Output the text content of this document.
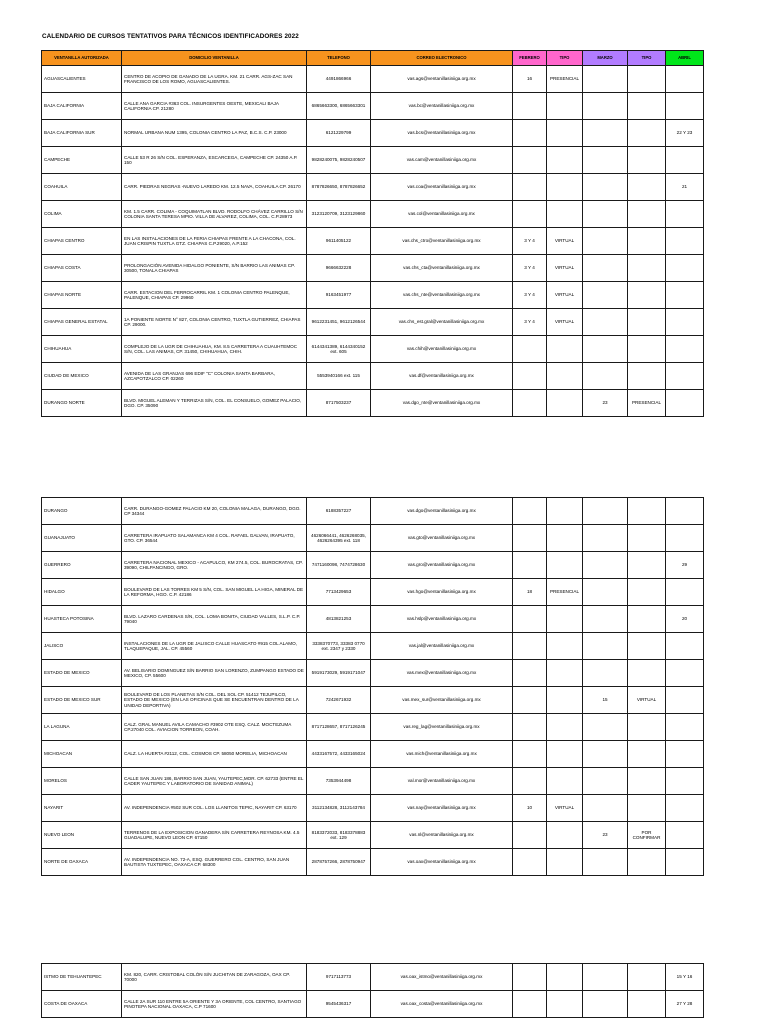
CALENDARIO DE CURSOS TENTATIVOS PARA TÉCNICOS IDENTIFICADORES 2022
VENTANILLA AUTORIZADA	DOMICILIO VENTANILLA	TELEFONO	CORREO ELECTRONICO	FEBRERO	TIPO	MARZO	TIPO	ABRIL
AGUASCALIENTES	CENTRO DE ACOPIO DE GANADO DE LA UGRA. KM. 21 CARR. AGS-ZAC SAN FRANCISCO DE LOS ROMO, AGUASCALIENTES.	4491866966	vas.ags@ventanillasiniiga.org.mx	16	PRESENCIAL			
BAJA CALIFORNIA	CALLE ANA GARCIA #363 COL. INSURGENTES OESTE, MEXICALI BAJA CALIFORNIA CP. 21280	6865663300, 6865663301	vas.bc@ventanillasiniiga.org.mx					
BAJA CALIFORNIA SUR	NORMAL URBANA NUM 1395, COLONIA CENTRO LA PAZ, B.C.S. C.P. 23000	6121229799	vas.bcs@ventanillasiniiga.org.mx					22 Y 23
CAMPECHE	CALLE 53 R 26 S/N COL. ESPERANZA, ESCARCEGA, CAMPECHE CP. 24350 A.P. 150	9828240075, 9828240507	vas.cam@ventanillasiniiga.org.mx					
COAHUILA	CARR. PIEDRAS NEGRAS -NUEVO LAREDO KM. 12.5 NAVA, COAHUILA CP. 26170	8787826650, 8787826652	vas.coa@ventanillasiniiga.org.mx					21
COLIMA	KM. 1.5 CARR. COLIMA - COQUIMATLAN BLVD. RODOLFO CHÁVEZ CARRILLO S/N COLONIA SANTA TERESA MPIO. VILLA DE ALVAREZ, COLIMA, COL. C.P.28973	3123120709, 3123129860	vas.col@ventanillasiniiga.org.mx					
CHIAPAS CENTRO	EN LAS INSTALACIONES DE LA FERIA CHIAPAS FRENTE A LA CHACONA, COL. JUAN CRISPIN TUXTLA GTZ. CHIAPAS C.P.29020, A.P.152	9611405122	vas.chs_ctro@ventanillasiniiga.org.mx	3 Y 4	VIRTUAL			
CHIAPAS COSTA	PROLONGACIÓN AVENIDA HIDALGO PONIENTE, S/N BARRIO LAS ANIMAS CP. 30500, TONALA CHIAPAS	9666632228	vas.chs_cta@ventanillasiniiga.org.mx	3 Y 4	VIRTUAL			
CHIAPAS NORTE	CARR. ESTACION DEL FERROCARRIL KM. 1 COLONIA CENTRO PALENQUE, PALENQUE, CHIAPAS CP. 29960	9163451977	vas.chs_nte@ventanillasiniiga.org.mx	3 Y 4	VIRTUAL			
CHIAPAS GENERAL ESTATAL	1A PONIENTE NORTE N° 827, COLONIA CENTRO, TUXTLA GUTIERREZ, CHIAPAS CP. 29000.	9612231451, 9612126544	vas.chs_est.gral@ventanillasiniiga.org.mx	3 Y 4	VIRTUAL			
CHIHUAHUA	COMPLEJO DE LA UGR DE CHIHUAHUA, KM. 8.5 CARRETERA A CUAUHTEMOC S/N, COL. LAS ANIMAS, CP. 31450, CHIHUAHUA, CHIH.	6144341389, 6144340152 ext. 605	vas.chih@ventanillasiniiga.org.mx					
CIUDAD DE MEXICO	AVENIDA DE LAS GRANJAS 696 EDIF "C" COLONIA SANTA BARBARA, AZCAPOTZALCO CP. 02260	5553940166 ext. 115	vas.df@ventanillasiniiga.org.mx					
DURANGO NORTE	BLVD. MIGUEL ALEMAN Y TERRIZAS S/N, COL. EL CONSUELO, GOMEZ PALACIO, DGO. CP. 35090	8717503237	vas.dgo_nte@ventanillasiniiga.org.mx			23	PRESENCIAL	
DURANGO	CARR. DURANGO-GOMEZ PALACIO KM 20, COLONIA MALAGA, DURANGO, DGO. CP 34344	6188357227	vas.dgo@ventanillasiniiga.org.mx					
GUANAJUATO	CARRETERA IRAPUATO SALAMANCA KM 4 COL. RAFAEL GALVAN, IRAPUATO, GTO. CP. 36544	4626066441, 4626268035, 4626264395 ext. 118	vas.gto@ventanillasiniiga.org.mx					
GUERRERO	CARRETERA NACIONAL MEXICO - ACAPULCO, KM 274.5, COL. BUROCRATAS, CP. 39090, CHILPANCINGO, GRO.	7471160098, 7474728630	vas.gro@ventanillasiniiga.org.mx					29
HIDALGO	BOULEVARD DE LAS TORRES KM 5 S/N, COL. SAN MIGUEL LA HIGA, MINERAL DE LA REFORMA, HGO. C.P. 42186	7713429653	vas.hgo@ventanillasiniiga.org.mx	18	PRESENCIAL			
HUASTECA POTOSINA	BLVD. LAZARO CARDENAS S/N, COL. LOMA BONITA, CIUDAD VALLES, S.L.P. C.P. 79040	4813821253	vas.hslp@ventanillasiniiga.org.mx					20
JALISCO	INSTALACIONES DE LA UGR DE JALISCO CALLE HUASCATO #915 COL ALAMO, TLAQUEPAQUE, JAL. CP. 45560	3338370773, 33383 0770 ext. 2347 y 2330	vas.jal@ventanillasiniiga.org.mx					
ESTADO DE MEXICO	AV. BELISARIO DOMINGUEZ S/N BARRIO SAN LORENZO, ZUMPANGO ESTADO DE MEXICO, CP. 55600	5919173029, 5919171047	vas.mex@ventanillasiniiga.org.mx					
ESTADO DE MEXICO SUR	BOULEVARD DE LOS PLANETAS S/N COL. DEL SOL CP. 51412 TEJUPILCO, ESTADO DE MEXICO (EN LAS OFICINAS QUE SE ENCUENTRAN DENTRO DE LA UNIDAD DEPORTIVA)	7242671932	vas.mex_sur@ventanillasiniiga.org.mx			15	VIRTUAL	
LA LAGUNA	CALZ. GRAL MANUEL AVILA CAMACHO #3902 OTE ESQ. CALZ. MOCTEZUMA CP.27040 COL. AVIACION TORREON, COAH.	8717128657, 8717126245	vas.reg_lag@ventanillasiniiga.org.mx					
MICHOACAN	CALZ. LA HUERTA #2112, COL. COSMOS CP. 58050 MORELIA, MICHOACAN	4433167572, 4433165024	vas.mich@ventanillasiniiga.org.mx					
MORELOS	CALLE SAN JUAN 186, BARRIO SAN JUAN, YAUTEPEC,MOR. CP. 62733 (ENTRE EL CADER YAUTEPEC Y LABORATORIO DE SANIDAD ANIMAL)	7353944498	val.mor@ventanillasiniiga.org.mx					
NAYARIT	AV. INDEPENDENCIA #502 SUR COL. LOS LLANITOS TEPIC, NAYARIT CP. 63170	3112134828, 3112143784	vas.nay@ventanillasiniiga.org.mx	10	VIRTUAL			
NUEVO LEON	TERRENOS DE LA EXPOSICION GANADERA S/N CARRETERA REYNOSA KM. 4.5 GUADALUPE, NUEVO LEON CP. 67150	8183372033, 8183378883 ext. 129	vas.nl@ventanillasiniiga.org.mx			23	POR CONFIRMAR	
NORTE DE OAXACA	AV. INDEPENDENCIA NO. 72-A, ESQ. GUERRERO COL. CENTRO, SAN JUAN BAUTISTA TUXTEPEC, OAXACA CP. 68300	2878757266, 2878750947	vas.oax@ventanillasiniiga.org.mx					
ISTMO DE TEHUANTEPEC	KM. 820, CARR. CRISTOBAL COLÓN S/N JUCHITAN DE ZARAGOZA, OAX CP. 70000	9717113773	vas.oax_istmo@ventanillasiniiga.org.mx					15 Y 16
COSTA DE OAXACA	CALLE 2A SUR 110 ENTRE 5A ORIENTE Y 3A ORIENTE, COL CENTRO, SANTIAGO PINOTEPA NACIONAL OAXACA, C.P 71600	9545436317	vas.oax_costa@ventanillasiniiga.org.mx					27 Y 28
